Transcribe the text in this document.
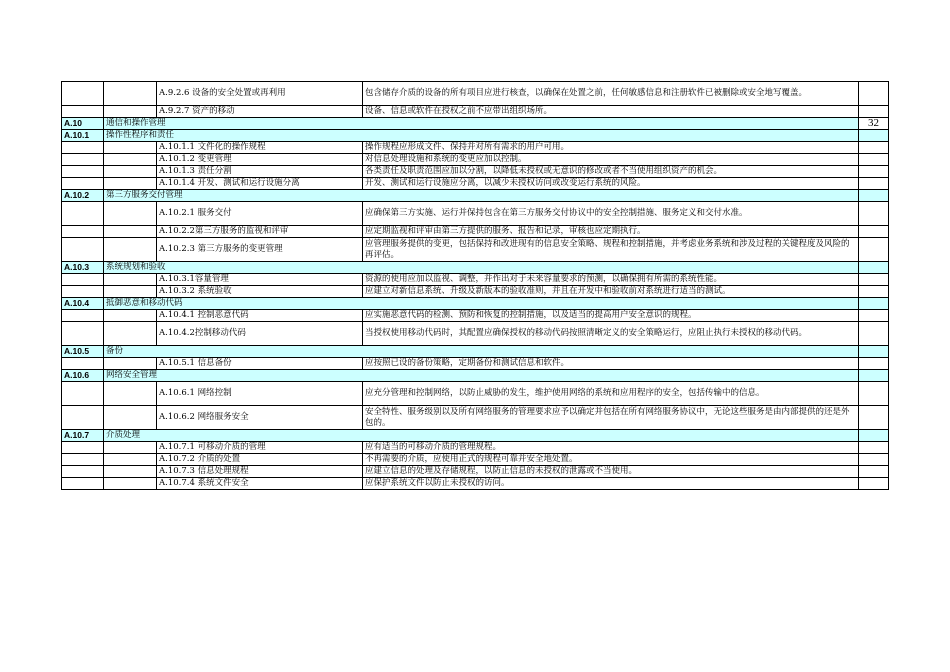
		A.9.2.6 设备的安全处置或再利用	包含储存介质的设备的所有项目应进行核查，以确保在处置之前，任何敏感信息和注册软件已被删除或安全地写覆盖。	
		A.9.2.7 资产的移动	设备、信息或软件在授权之前不应带出组织场所。	
A.10	通信和操作管理			32
A.10.1	操作性程序和责任			
		A.10.1.1 文件化的操作规程	操作规程应形成文件、保持并对所有需求的用户可用。	
		A.10.1.2 变更管理	对信息处理设施和系统的变更应加以控制。	
		A.10.1.3 责任分割	各类责任及职责范围应加以分割，以降低未授权或无意识的修改或者不当使用组织资产的机会。	
		A.10.1.4 开发、测试和运行设施分离	开发、测试和运行设施应分离，以减少未授权访问或改变运行系统的风险。	
A.10.2	第三方服务交付管理			
		A.10.2.1 服务交付	应确保第三方实施、运行并保持包含在第三方服务交付协议中的安全控制措施、服务定义和交付水准。	
		A.10.2.2第三方服务的监视和评审	应定期监视和评审由第三方提供的服务、报告和记录，审核也应定期执行。	
		A.10.2.3 第三方服务的变更管理	应管理服务提供的变更，包括保持和改进现有的信息安全策略、规程和控制措施，并考虑业务系统和涉及过程的关键程度及风险的再评估。	
A.10.3	系统规划和验收			
		A.10.3.1容量管理	资源的使用应加以监视、调整，并作出对于未来容量要求的预测，以确保拥有所需的系统性能。	
		A.10.3.2 系统验收	应建立对新信息系统、升级及新版本的验收准则，并且在开发中和验收前对系统进行适当的测试。	
A.10.4	抵御恶意和移动代码			
		A.10.4.1 控制恶意代码	应实施恶意代码的检测、预防和恢复的控制措施，以及适当的提高用户安全意识的规程。	
		A.10.4.2控制移动代码	当授权使用移动代码时，其配置应确保授权的移动代码按照清晰定义的安全策略运行，应阻止执行未授权的移动代码。	
A.10.5	备份			
		A.10.5.1 信息备份	应按照已设的备份策略，定期备份和测试信息和软件。	
A.10.6	网络安全管理			
		A.10.6.1 网络控制	应充分管理和控制网络，以防止威胁的发生，维护使用网络的系统和应用程序的安全，包括传输中的信息。	
		A.10.6.2 网络服务安全	安全特性、服务级别以及所有网络服务的管理要求应予以确定并包括在所有网络服务协议中，无论这些服务是由内部提供的还是外包的。	
A.10.7	介质处理			
		A.10.7.1 可移动介质的管理	应有适当的可移动介质的管理规程。	
		A.10.7.2 介质的处置	不再需要的介质，应使用正式的规程可靠并安全地处置。	
		A.10.7.3 信息处理规程	应建立信息的处理及存储规程，以防止信息的未授权的泄露或不当使用。	
		A.10.7.4 系统文件安全	应保护系统文件以防止未授权的访问。	
